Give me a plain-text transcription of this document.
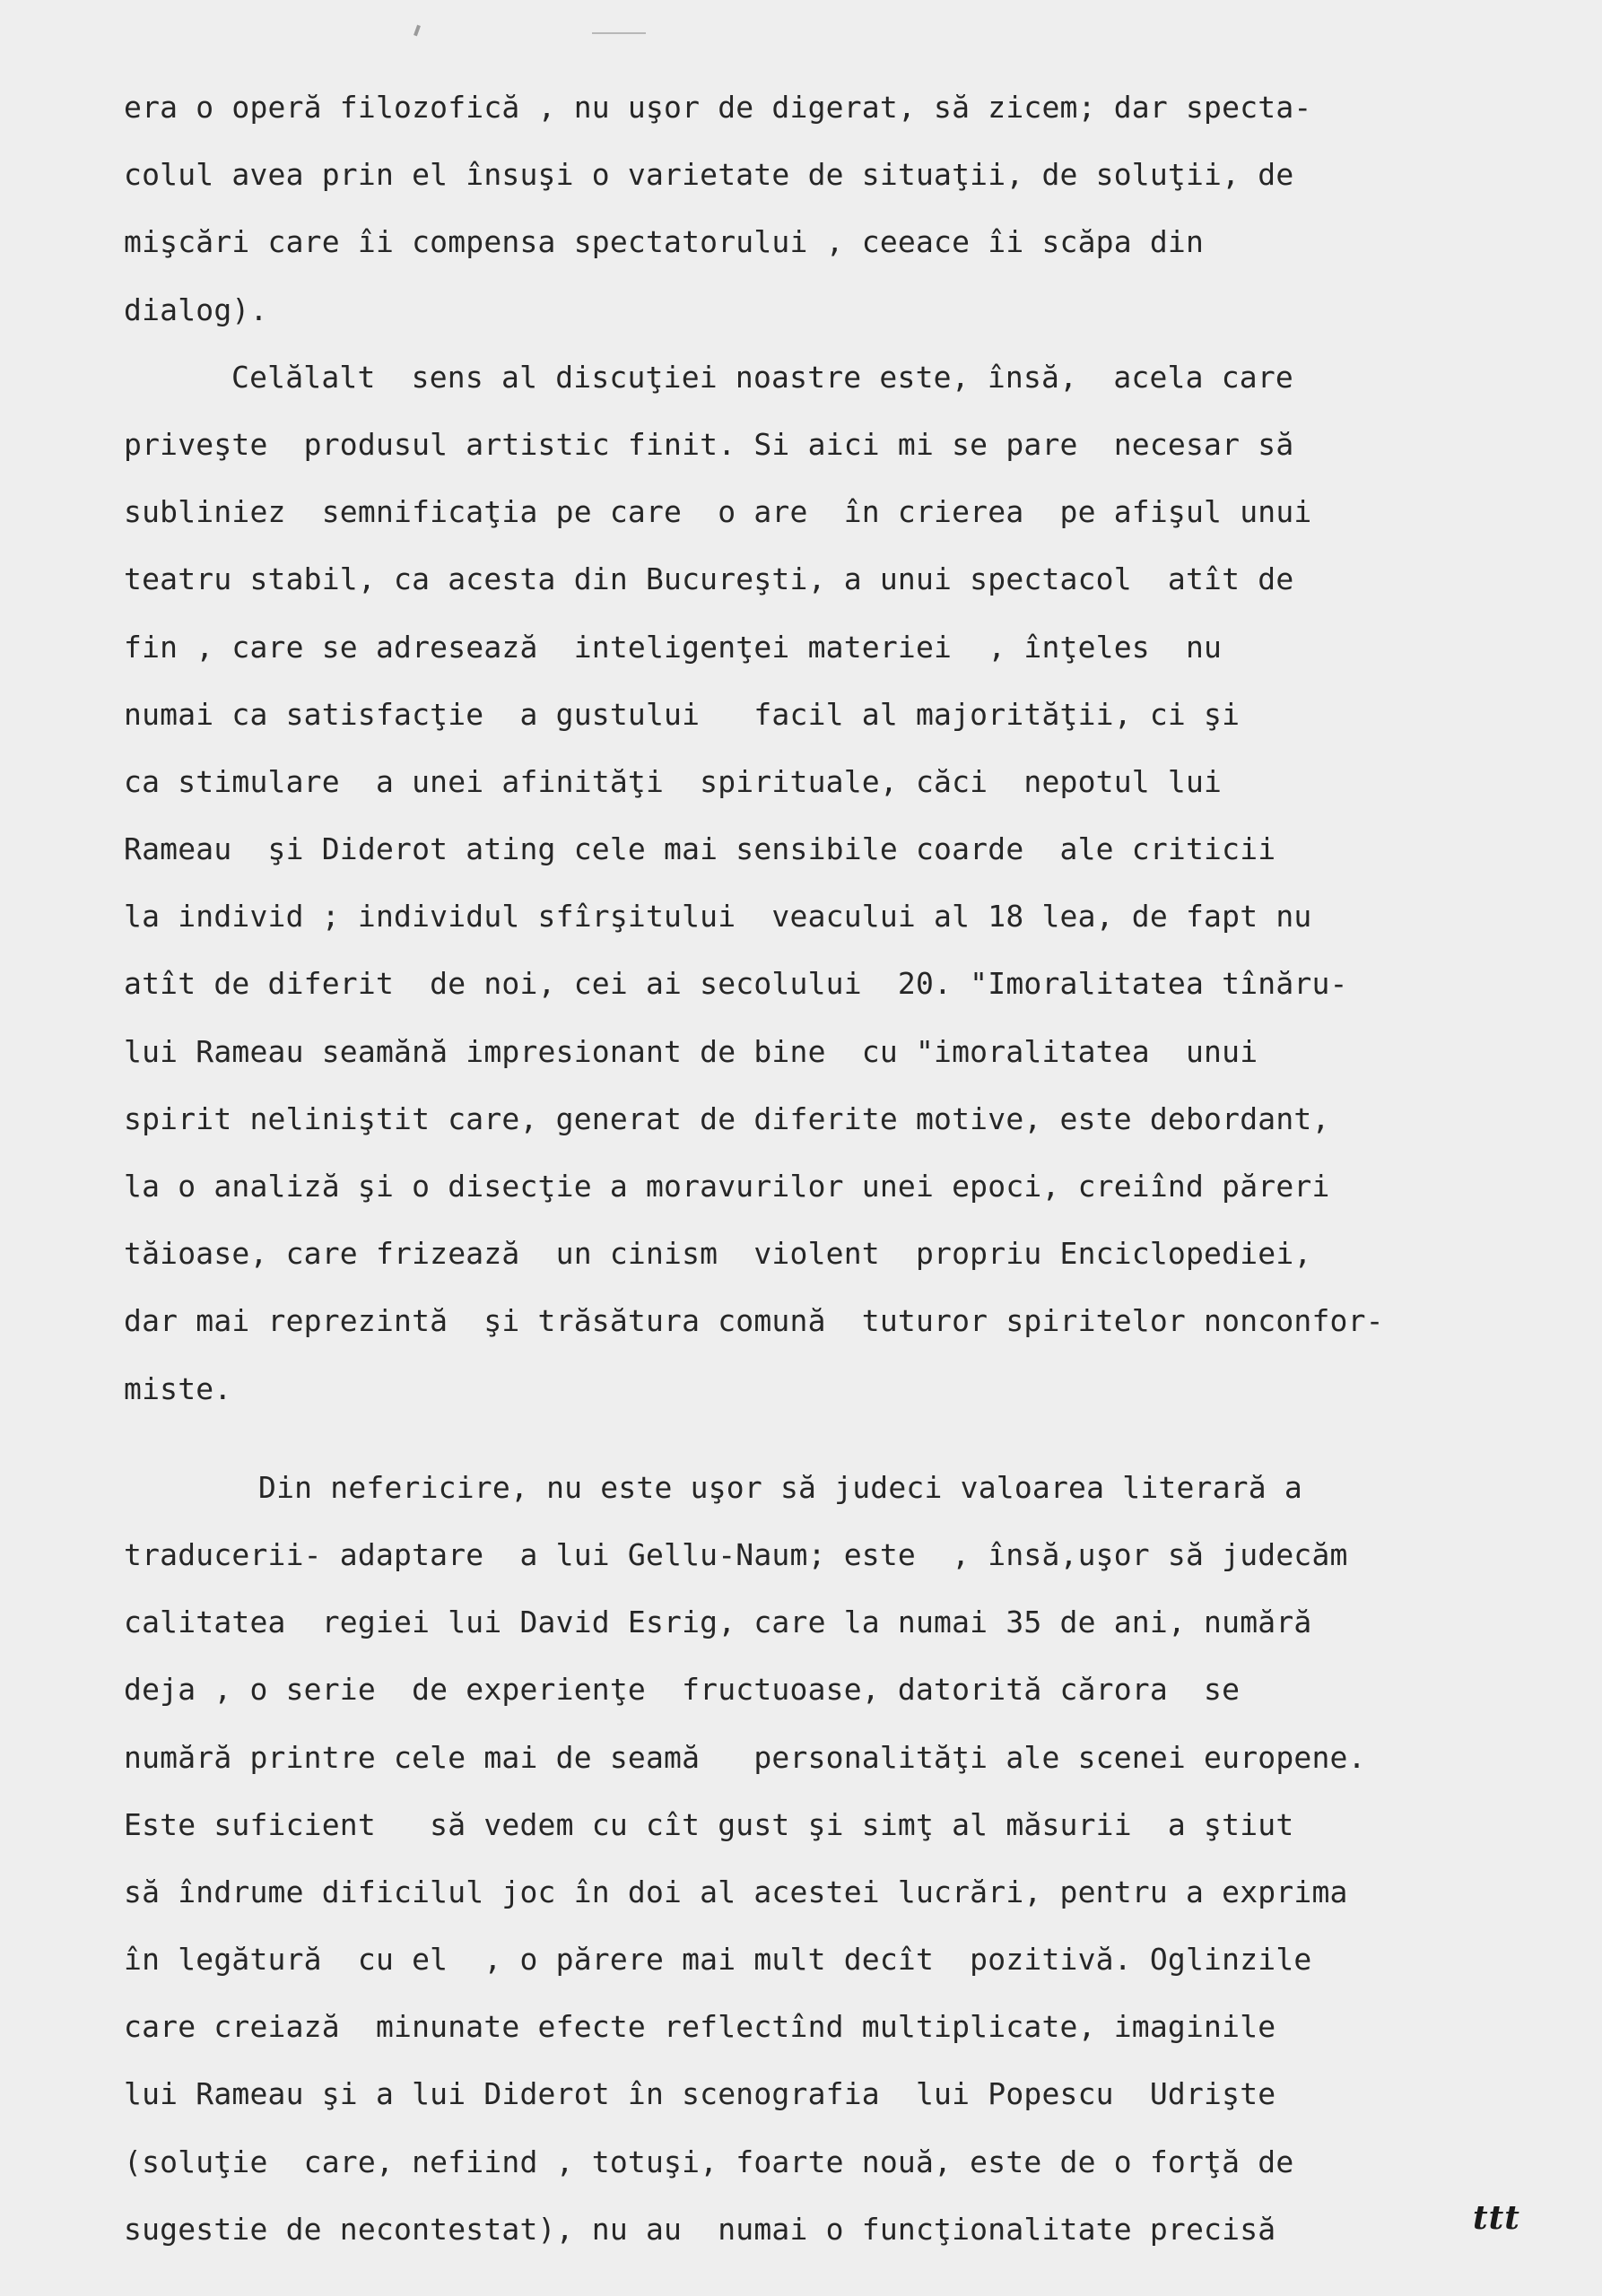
era o operă filozofică , nu uşor de digerat, să zicem; dar specta-
colul avea prin el însuşi o varietate de situaţii, de soluţii, de
mişcări care îi compensa spectatorului , ceeace îi scăpa din
dialog).
Celălalt  sens al discuţiei noastre este, însă,  acela care
priveşte  produsul artistic finit. Si aici mi se pare  necesar să
subliniez  semnificaţia pe care  o are  în crierea  pe afişul unui
teatru stabil, ca acesta din Bucureşti, a unui spectacol  atît de
fin , care se adresează  inteligenţei materiei  , înţeles  nu
numai ca satisfacţie  a gustului   facil al majorităţii, ci şi
ca stimulare  a unei afinităţi  spirituale, căci  nepotul lui
Rameau  şi Diderot ating cele mai sensibile coarde  ale criticii
la individ ; individul sfîrşitului  veacului al 18 lea, de fapt nu
atît de diferit  de noi, cei ai secolului  20. "Imoralitatea tînăru-
lui Rameau seamănă impresionant de bine  cu "imoralitatea  unui
spirit neliniştit care, generat de diferite motive, este debordant,
la o analiză şi o disecţie a moravurilor unei epoci, creiînd păreri
tăioase, care frizează  un cinism  violent  propriu Enciclopediei,
dar mai reprezintă  şi trăsătura comună  tuturor spiritelor nonconfor-
miste.
Din nefericire, nu este uşor să judeci valoarea literară a
traducerii- adaptare  a lui Gellu-Naum; este  , însă,uşor să judecăm
calitatea  regiei lui David Esrig, care la numai 35 de ani, numără
deja , o serie  de experienţe  fructuoase, datorită cărora  se
numără printre cele mai de seamă   personalităţi ale scenei europene.
Este suficient   să vedem cu cît gust şi simţ al măsurii  a ştiut
să îndrume dificilul joc în doi al acestei lucrări, pentru a exprima
în legătură  cu el  , o părere mai mult decît  pozitivă. Oglinzile
care creiază  minunate efecte reflectînd multiplicate, imaginile
lui Rameau şi a lui Diderot în scenografia  lui Popescu  Udrişte
(soluţie  care, nefiind , totuşi, foarte nouă, este de o forţă de
sugestie de necontestat), nu au  numai o funcţionalitate precisă	ttt
